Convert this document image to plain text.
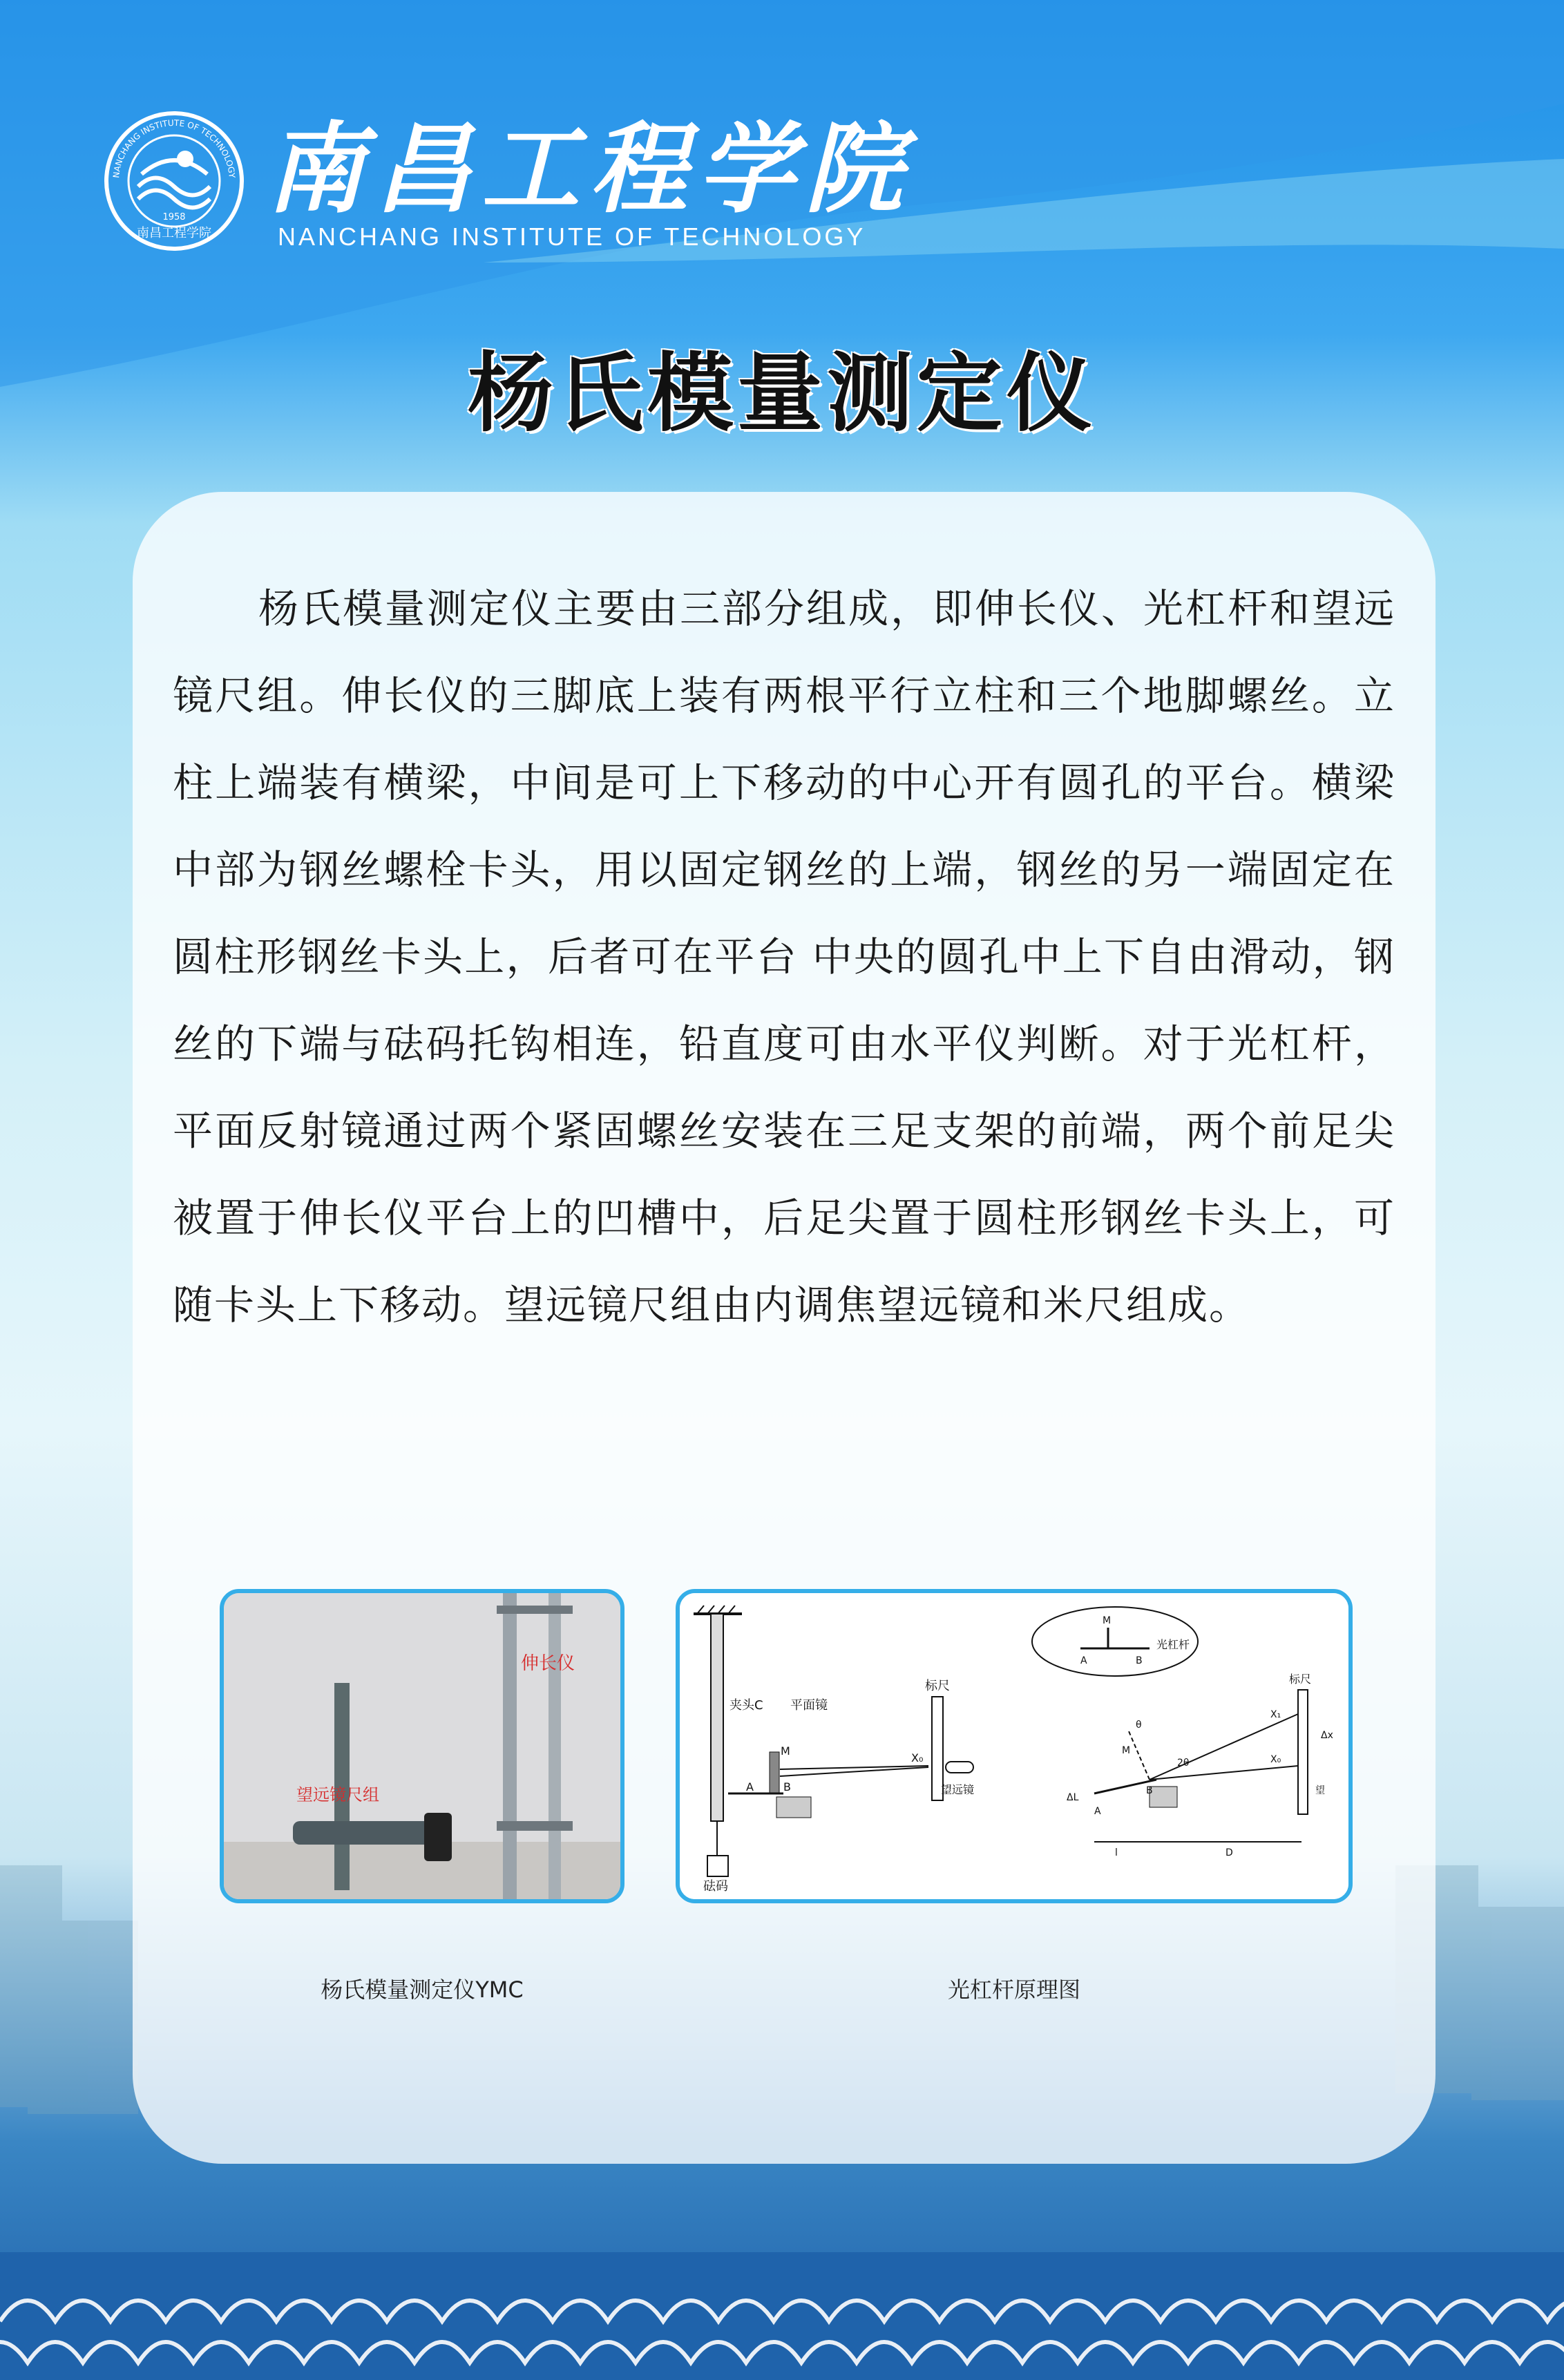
1958
南昌工程学院
NANCHANG INSTITUTE OF TECHNOLOGY 南昌工程学院
NANCHANG INSTITUTE OF TECHNOLOGY
杨氏模量测定仪
杨氏模量测定仪主要由三部分组成，即伸长仪、光杠杆和望远镜尺组。伸长仪的三脚底上装有两根平行立柱和三个地脚螺丝。立柱上端装有横梁，中间是可上下移动的中心开有圆孔的平台。横梁中部为钢丝螺栓卡头，用以固定钢丝的上端，钢丝的另一端固定在圆柱形钢丝卡头上，后者可在平台 中央的圆孔中上下自由滑动，钢丝的下端与砝码托钩相连，铅直度可由水平仪判断。对于光杠杆，平面反射镜通过两个紧固螺丝安装在三足支架的前端，两个前足尖被置于伸长仪平台上的凹槽中，后足尖置于圆柱形钢丝卡头上，可随卡头上下移动。望远镜尺组由内调焦望远镜和米尺组成。
伸长仪
望远镜尺组
砝码
夹头C 平面镜
M
B
A
标尺
X₀
望远镜
光杠杆
M
A	B
标尺
X₁
X₀
Δx
望
2θ
θ
M
A
B
ΔL
l	D
杨氏模量测定仪YMC	光杠杆原理图
